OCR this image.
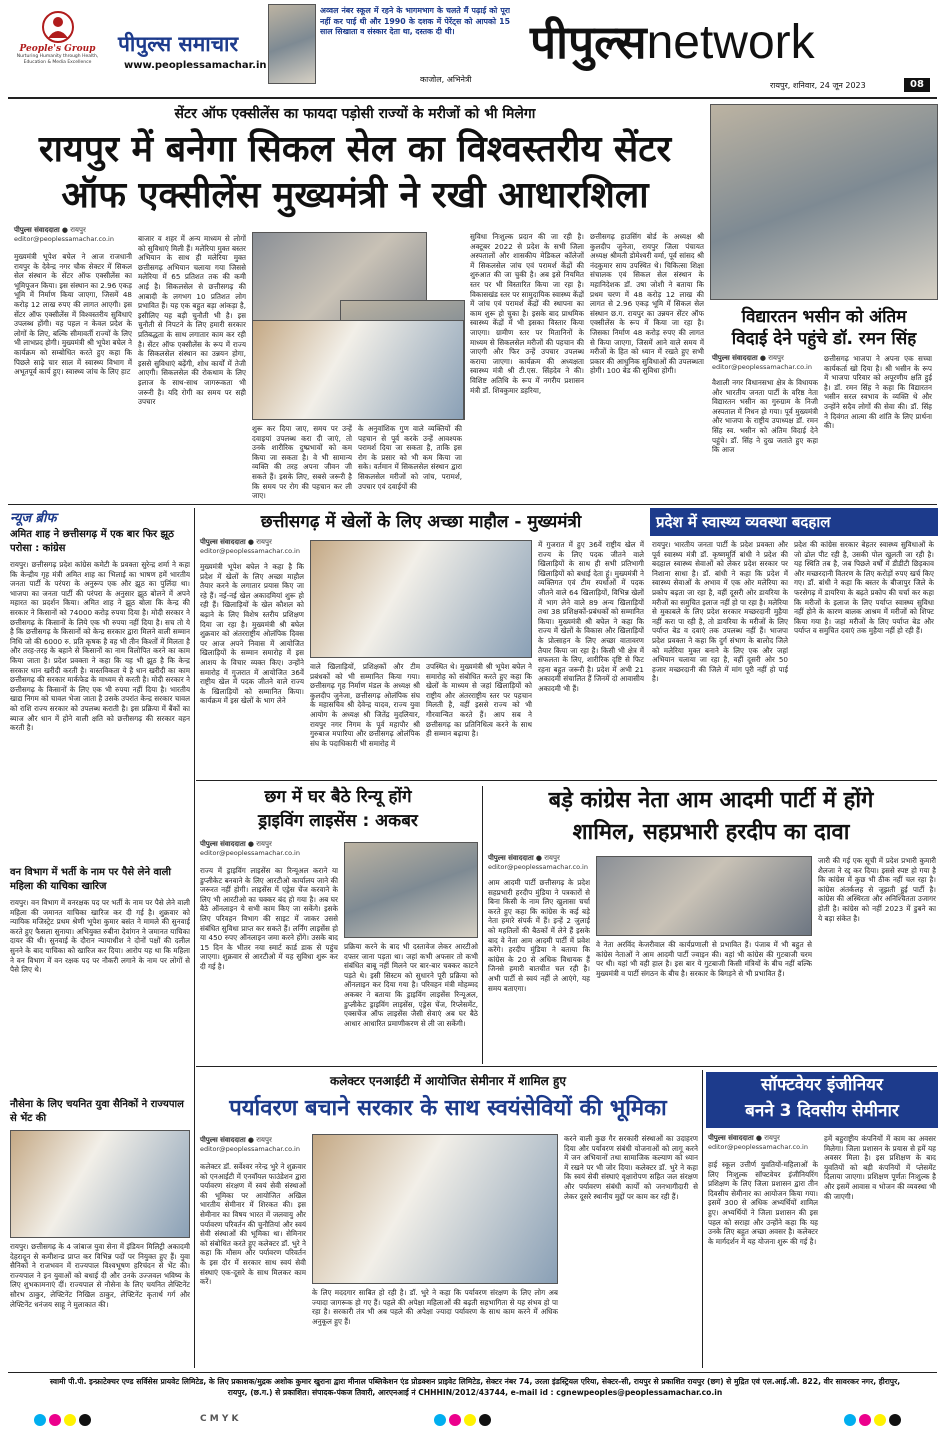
People's Group
Nurturing Humanity through Health, Education & Media Excellence
पीपुल्स समाचार
www.peoplessamachar.in
अव्वल नंबर स्कूल में रहने के भागमभाग के चलते मैं पढ़ाई को पूरा नहीं कर पाई थी और 1990 के दशक में पेरेंट्स को आपको 15 साल सिखाता व संस्कार देता था, दस्तक दी थी।
काजोल, अभिनेत्री
पीपुल्सnetwork
रायपुर, शनिवार, 24 जून 2023	08
सेंटर ऑफ एक्सीलेंस का फायदा पड़ोसी राज्यों के मरीजों को भी मिलेगा
रायपुर में बनेगा सिकल सेल का विश्वस्तरीय सेंटर
ऑफ एक्सीलेंस मुख्यमंत्री ने रखी आधारशिला
पीपुल्स संवाददाता ● रायपुर
editor@peoplessamachar.co.in
मुख्यमंत्री भूपेश बघेल ने आज राजधानी रायपुर के देवेन्द्र नगर चौक सेक्टर में सिकल सेल संस्थान के सेंटर ऑफ एक्सीलेंस का भूमिपूजन किया। इस संस्थान का 2.96 एकड़ भूमि में निर्माण किया जाएगा, जिसमें 48 करोड़ 12 लाख रुपए की लागत आएगी। इस सेंटर ऑफ एक्सीलेंस में विश्वस्तरीय सुविधाएं उपलब्ध होंगी। यह पहल न केवल प्रदेश के लोगों के लिए, बल्कि सीमावर्ती राज्यों के लिए भी लाभप्रद होगी। मुख्यमंत्री श्री भूपेश बघेल ने कार्यक्रम को सम्बोधित करते हुए कहा कि पिछले साढ़े चार साल में स्वास्थ्य विभाग में अभूतपूर्व कार्य हुए। स्वास्थ्य जांच के लिए हाट
बाजार व शहर में अन्य माध्यम से लोगों को सुविधाएं मिली हैं। मलेरिया मुक्त बस्तर अभियान के साथ ही मलेरिया मुक्त छत्तीसगढ़ अभियान चलाया गया जिससे मलेरिया में 65 प्रतिशत तक की कमी आई है। सिकलसेल से छत्तीसगढ़ की आबादी के लगभग 10 प्रतिशत लोग प्रभावित हैं। यह एक बहुत बड़ा आंकड़ा है, इसीलिए यह बड़ी चुनौती भी है। इस चुनौती से निपटने के लिए हमारी सरकार प्रतिबद्धता के साथ लगातार काम कर रही है। सेंटर ऑफ एक्सीलेंस के रूप में राज्य के सिकलसेल संस्थान का उन्नयन होगा, इससे सुविधाएं बढ़ेंगी, शोध कार्यों में तेजी आएगी। सिकलसेल की रोकथाम के लिए इलाज के साथ-साथ जागरूकता भी जरूरी है। यदि रोगी का समय पर सही उपचार
शुरू कर दिया जाए, समय पर उन्हें दवाइयां उपलब्ध करा दी जाएं, तो उनके शारीरिक दुष्प्रभावों को कम किया जा सकता है। वे भी सामान्य व्यक्ति की तरह अपना जीवन जी सकते हैं। इसके लिए, सबसे जरूरी है कि समय पर रोग की पहचान कर ली जाए।
के अनुवांशिक गुण वाले व्यक्तियों की पहचान से पूर्व करके उन्हें आवश्यक परामर्श दिया जा सकता है, ताकि इस रोग के प्रसार को भी कम किया जा सके। वर्तमान में सिकलसेल संस्थान द्वारा सिकलसेल मरीजों को जांच, परामर्श, उपचार एवं दवाईयों की
सुविधा निःशुल्क प्रदान की जा रही है। अक्टूबर 2022 से प्रदेश के सभी जिला अस्पतालों और शासकीय मेडिकल कॉलेजों में सिकलसेल जांच एवं परामर्श केंद्रों की शुरुआत की जा चुकी है। अब इसे नियमित स्तर पर भी विस्तारित किया जा रहा है। विकासखंड स्तर पर सामुदायिक स्वास्थ्य केंद्रों में जांच एवं परामर्श केंद्रों की स्थापना का काम शुरू हो चुका है। इसके बाद प्राथमिक स्वास्थ्य केंद्रों में भी इसका विस्तार किया जाएगा। ग्रामीण स्तर पर मितानिनों के माध्यम से सिकलसेल मरीजों की पहचान की जाएगी और फिर उन्हें उपचार उपलब्ध कराया जाएगा। कार्यक्रम की अध्यक्षता स्वास्थ्य मंत्री श्री टी.एस. सिंहदेव ने की। विशिष्ट अतिथि के रूप में नगरीय प्रशासन मंत्री डॉ. शिवकुमार डहरिया,
छत्तीसगढ़ हाउसिंग बोर्ड के अध्यक्ष श्री कुलदीप जुनेजा, रायपुर जिला पंचायत अध्यक्ष श्रीमती डोमेश्वरी वर्मा, पूर्व सांसद श्री नंदकुमार साय उपस्थित थे। चिकित्सा शिक्षा संचालक एवं सिकल सेल संस्थान के महानिदेशक डॉ. उषा जोशी ने बताया कि प्रथम चरण में 48 करोड़ 12 लाख की लागत से 2.96 एकड़ भूमि में सिकल सेल संस्थान छ.ग. रायपुर का उन्नयन सेंटर ऑफ एक्सीलेंस के रूप में किया जा रहा है। जिसका निर्माण 48 करोड़ रुपए की लागत से किया जाएगा, जिसमें आने वाले समय में मरीजों के हित को ध्यान में रखते हुए सभी प्रकार की आधुनिक सुविधाओं की उपलब्धता होगी। 100 बेड की सुविधा होगी।
विद्यारतन भसीन को अंतिम
विदाई देने पहुंचे डॉ. रमन सिंह
पीपुल्स संवाददाता ● रायपुर
editor@peoplessamachar.co.in
वैशाली नगर विधानसभा क्षेत्र के विधायक और भारतीय जनता पार्टी के वरिष्ठ नेता विद्यारतन भसीन का गुरुग्राम के निजी अस्पताल में निधन हो गया। पूर्व मुख्यमंत्री और भाजपा के राष्ट्रीय उपाध्यक्ष डॉ. रमन सिंह स्व. भसीन को अंतिम विदाई देने पहुंचे। डॉ. सिंह ने दुख जताते हुए कहा कि आज
छत्तीसगढ़ भाजपा ने अपना एक सच्चा कार्यकर्ता खो दिया है। श्री भसीन के रूप में भाजपा परिवार को अपूरणीय क्षति हुई है। डॉ. रमन सिंह ने कहा कि विद्यारतन भसीन सरल स्वभाव के व्यक्ति थे और उन्होंने सदैव लोगों की सेवा की। डॉ. सिंह ने दिवंगत आत्मा की शांति के लिए प्रार्थना की।
न्यूज ब्रीफ
अमित शाह ने छत्तीसगढ़ में एक बार फिर झूठ परोसा : कांग्रेस
रायपुर। छत्तीसगढ़ प्रदेश कांग्रेस कमेटी के प्रवक्ता सुरेन्द्र शर्मा ने कहा कि केन्द्रीय गृह मंत्री अमित शाह का भिलाई का भाषण हमें भारतीय जनता पार्टी के परंपरा के अनुरूप एक और झूठ का पुलिंदा था। भाजपा का जनता पार्टी की परंपरा के अनुसार झूठ बोलने में अपने महारत का प्रदर्शन किया। अमित शाह ने झूठ बोला कि केन्द्र की सरकार ने किसानों को 74000 करोड़ रुपया दिया है। मोदी सरकार ने छत्तीसगढ़ के किसानों के लिये एक भी रुपया नहीं दिया है। सच तो ये है कि छत्तीसगढ़ के किसानों को केन्द्र सरकार द्वारा मिलने वाली सम्मान निधि जो की 6000 रु. प्रति कृषक है वह भी तीन किश्तों में मिलता है और तरह-तरह के बहाने से किसानों का नाम विलोपित करने का काम किया जाता है। प्रदेश प्रवक्ता ने कहा कि यह भी झूठ है कि केन्द्र सरकार धान खरीदी करती है। वास्तविकता ये है धान खरीदी का काम छत्तीसगढ़ की सरकार मार्कफेड के माध्यम से करती है। मोदी सरकार ने छत्तीसगढ़ के किसानों के लिए एक भी रुपया नहीं दिया है। भारतीय खाद्य निगम को चावल भेजा जाता है उसके उपरांत केन्द्र सरकार चावल को राशि राज्य सरकार को उपलब्ध कराती है। इस प्रक्रिया में बैंकों का ब्याज और धान में होने वाली क्षति को छत्तीसगढ़ की सरकार वहन करती है।
वन विभाग में भर्ती के नाम पर पैसे लेने वाली महिला की याचिका खारिज
रायपुर। वन विभाग में वनरक्षक पद पर भर्ती के नाम पर पैसे लेने वाली महिला की जमानत याचिका खारिज कर दी गई है। शुक्रवार को न्यायिक मजिस्ट्रेट प्रथम श्रेणी भूपेश कुमार बसंत ने मामले की सुनवाई करते हुए फैसला सुनाया। अभियुक्त रुबीना देवांगन ने जमानत याचिका दायर की थी। सुनवाई के दौरान न्यायाधीश ने दोनों पक्षों की दलील सुनने के बाद याचिका को खारिज कर दिया। आरोप यह था कि महिला ने वन विभाग में वन रक्षक पद पर नौकरी लगाने के नाम पर लोगों से पैसे लिए थे।
नौसेना के लिए चयनित युवा सैनिकों ने राज्यपाल से भेंट की
रायपुर। छत्तीसगढ़ के 4 जांबाज युवा सेना में इंडियन मिलिट्री अकादमी देहरादून से कमीशन्ड प्राप्त कर विभिन्न पदों पर नियुक्त हुए हैं। युवा सैनिकों ने राजभवन में राज्यपाल विश्वभूषण हरिचंदन से भेंट की। राज्यपाल ने इन युवाओं को बधाई दी और उनके उज्जवल भविष्य के लिए शुभकामनाएं दीं। राज्यपाल से नौसेना के लिए चयनित लेफ्टिनेंट सौरभ ठाकुर, लेफ्टिनेंट निखिल ठाकुर, लेफ्टिनेंट कृतार्थ गर्ग और लेफ्टिनेंट धनंजय साहू ने मुलाकात की।
छत्तीसगढ़ में खेलों के लिए अच्छा माहौल - मुख्यमंत्री
पीपुल्स संवाददाता ● रायपुर
editor@peoplessamachar.co.in
मुख्यमंत्री भूपेश बघेल ने कहा है कि प्रदेश में खेलों के लिए अच्छा माहौल तैयार करने के लगातार प्रयास किए जा रहे हैं। नई-नई खेल अकादमियां शुरू हो रही हैं। खिलाड़ियों के खेल कौशल को बढ़ाने के लिए विशेष स्तरीय प्रशिक्षण दिया जा रहा है। मुख्यमंत्री श्री बघेल शुक्रवार को अंतरराष्ट्रीय ओलंपिक दिवस पर आज अपने निवास में आयोजित खिलाड़ियों के सम्मान समारोह में इस आशय के विचार व्यक्त किए। उन्होंने समारोह में गुजरात में आयोजित 36वें राष्ट्रीय खेल में पदक जीतने वाले राज्य के खिलाड़ियों को सम्मानित किया। कार्यक्रम में इस खेलों के भाग लेने
वाले खिलाड़ियों, प्रशिक्षकों और टीम प्रबंधकों को भी सम्मानित किया गया। छत्तीसगढ़ गृह निर्माण मंडल के अध्यक्ष श्री कुलदीप जुनेजा, छत्तीसगढ़ ओलंपिक संघ के महासचिव श्री देवेन्द्र यादव, राज्य युवा आयोग के अध्यक्ष श्री जितेंद्र मुदलियार, रायपुर नगर निगम के पूर्व महापौर श्री गुरुबाज मपारिया और छत्तीसगढ़ ओलंपिक संघ के पदाधिकारी भी समारोह में
उपस्थित थे। मुख्यमंत्री श्री भूपेश बघेल ने समारोह को संबोधित करते हुए कहा कि खेलों के माध्यम से जहां खिलाड़ियों को राष्ट्रीय और अंतरराष्ट्रीय स्तर पर पहचान मिलती है, वहीं इससे राज्य को भी गौरवान्वित करते हैं। आप सब ने छत्तीसगढ़ का प्रतिनिधित्व करने के साथ ही सम्मान बढ़ाया है।
में गुजरात में हुए 36वें राष्ट्रीय खेल में राज्य के लिए पदक जीतने वाले खिलाड़ियों के साथ ही सभी प्रतिभागी खिलाड़ियों को बधाई देता हूं। मुख्यमंत्री ने व्यक्तिगत एवं टीम स्पर्धाओं में पदक जीतने वाले 64 खिलाड़ियों, विभिन्न खेलों में भाग लेने वाले 89 अन्य खिलाड़ियों तथा 38 प्रशिक्षकों-प्रबंधकों को सम्मानित किया। मुख्यमंत्री श्री बघेल ने कहा कि राज्य में खेलों के विकास और खिलाड़ियों के प्रोत्साहन के लिए अच्छा वातावरण तैयार किया जा रहा है। किसी भी क्षेत्र में सफलता के लिए, शारीरिक दृष्टि से फिट रहना बहुत जरूरी है। प्रदेश में अभी 21 अकादमी संचालित हैं जिनमें दो आवासीय अकादमी भी हैं।
प्रदेश में स्वास्थ्य व्यवस्था बदहाल
रायपुर। भारतीय जनता पार्टी के प्रदेश प्रवक्ता और पूर्व स्वास्थ्य मंत्री डॉ. कृष्णमूर्ति बांधी ने प्रदेश की बदहाल स्वास्थ्य सेवाओं को लेकर प्रदेश सरकार पर निशाना साधा है। डॉ. बांधी ने कहा कि प्रदेश में स्वास्थ्य सेवाओं के अभाव में एक ओर मलेरिया का प्रकोप बढ़ता जा रहा है, वहीं दूसरी ओर डायरिया के मरीजों का समुचित इलाज नहीं हो पा रहा है। मलेरिया से मुकाबले के लिए प्रदेश सरकार मच्छरदानी मुहैया नहीं करा पा रही है, तो डायरिया के मरीजों के लिए पर्याप्त बेड व दवाएं तक उपलब्ध नहीं हैं। भाजपा प्रदेश प्रवक्ता ने कहा कि दुर्ग संभाग के बालोद जिले को मलेरिया मुक्त बनाने के लिए एक और जहां अभियान चलाया जा रहा है, वहीं दूसरी ओर 50 हजार मच्छरदानी की जिले में मांग पूरी नहीं हो पाई है।
प्रदेश की कांग्रेस सरकार बेहतर स्वास्थ्य सुविधाओं के जो ढोल पीट रही है, उसकी पोल खुलती जा रही है। यह स्थिति तब है, जब पिछले वर्षों में डीडीटी छिड़काव और मच्छरदानी वितरण के लिए करोड़ों रुपए खर्च किए गए। डॉ. बांधी ने कहा कि बस्तर के बीजापुर जिले के फरसेगढ़ में डायरिया के बढ़ते प्रकोप की चर्चा कर कहा कि मरीजों के इलाज के लिए पर्याप्त स्वास्थ्य सुविधा नहीं होने के कारण बालक आश्रम में मरीजों को शिफ्ट किया गया है। जहां मरीजों के लिए पर्याप्त बेड और पर्याप्त व समुचित दवाएं तक मुहैया नहीं हो रही हैं।
छग में घर बैठे रिन्यू होंगे
ड्राइविंग लाइसेंस : अकबर
पीपुल्स संवाददाता ● रायपुर
editor@peoplessamachar.co.in
राज्य में ड्राइविंग लाइसेंस का रिन्यूअल कराने या डुप्लीकेट बनवाने के लिए आरटीओ कार्यालय जाने की जरूरत नहीं होगी। लाइसेंस में एड्रेस चेंज करवाने के लिए भी आरटीओ का चक्कर बंद हो गया है। अब घर बैठे ऑनलाइन ये सभी काम किए जा सकेंगे। इसके लिए परिवहन विभाग की साइट में जाकर उससे संबंधित सुविधा प्राप्त कर सकते हैं। लर्निंग लाइसेंस हो या 450 रुपए ऑनलाइन जमा करने होंगे। उसके बाद 15 दिन के भीतर नया स्मार्ट कार्ड डाक से पहुंच जाएगा। शुक्रवार से आरटीओ में यह सुविधा शुरू कर दी गई है।
प्रक्रिया करने के बाद भी दस्तावेज लेकर आरटीओ दफ्तर जाना पड़ता था। जहां कभी अफसर तो कभी संबंधित बाबू नहीं मिलने पर बार-बार चक्कर काटने पड़ते थे। इसी सिस्टम को सुधारने पूरी प्रक्रिया को ऑनलाइन कर दिया गया है। परिवहन मंत्री मोहम्मद अकबर ने बताया कि ड्राइविंग लाइसेंस रिन्यूअल, डुप्लीकेट ड्राइविंग लाइसेंस, एड्रेस चेंज, रिप्लेसमेंट, एक्सचेंज ऑफ लाइसेंस जैसी सेवाएं अब घर बैठे आधार आधारित प्रमाणीकरण से ली जा सकेंगी।
बड़े कांग्रेस नेता आम आदमी पार्टी में होंगे
शामिल, सहप्रभारी हरदीप का दावा
पीपुल्स संवाददाता ● रायपुर
editor@peoplessamachar.co.in
आम आदमी पार्टी छत्तीसगढ़ के प्रदेश सहप्रभारी हरदीप मुंडिया ने पत्रकारों से बिना किसी के नाम लिए खुलासा चर्चा करते हुए कहा कि कांग्रेस के कई बड़े नेता हमारे संपर्क में हैं। इन्हें 2 जुलाई को महतिलों की बैठकों में लेने हैं इसके बाद वे नेता आम आदमी पार्टी में प्रवेश करेंगे। हरदीप मुंडिया ने बताया कि कांग्रेस के 20 से अधिक विधायक हैं जिनसे हमारी बातचीत चल रही है। अभी पार्टी से स्वयं नहीं ले आएंगे, यह समय बताएगा।
वे नेता अरविंद केजरीवाल की कार्यप्रणाली से प्रभावित हैं। पंजाब में भी बहुत से कांग्रेस नेताओं ने आम आदमी पार्टी ज्वाइन की। वहां भी कांग्रेस की गुटबाजी चरम पर थी। यहां भी वही हाल है। इस बार ये गुटबाजी किसी मंत्रियों के बीच नहीं बल्कि मुख्यमंत्री व पार्टी संगठन के बीच है। सरकार के बिगड़ने से भी प्रभावित हैं।
जारी की गई एक सूची में प्रदेश प्रभारी कुमारी शैलजा ने रद्द कर दिया। इससे स्पष्ट हो गया है कि कांग्रेस में कुछ भी ठीक नहीं चल रहा है। कांग्रेस अंतर्कलह से जूझती हुई पार्टी है। कांग्रेस की अस्थिरता और अनिश्चितता उजागर होती है। कांग्रेस को नहीं 2023 में डुबने का ये बड़ा संकेत है।
कलेक्टर एनआईटी में आयोजित सेमीनार में शामिल हुए
पर्यावरण बचाने सरकार के साथ स्वयंसेवियों की भूमिका
पीपुल्स संवाददाता ● रायपुर
editor@peoplessamachar.co.in
कलेक्टर डॉ. सर्वेश्वर नरेन्द्र भुरे ने शुक्रवार को एनआईटी में एनवॉयल फाउंडेशन द्वारा पर्यावरण संरक्षण में स्वयं सेवी संस्थाओं की भूमिका पर आयोजित अखिल भारतीय सेमीनार में शिरकत की। इस सेमीनार का विषय भारत में जलवायु और पर्यावरण परिवर्तन की चुनौतियां और स्वयं सेवी संस्थाओं की भूमिका था। सेमिनार को संबोधित करते हुए कलेक्टर डॉ. भुरे ने कहा कि मौसम और पर्यावरण परिवर्तन के इस दौर में सरकार साथ स्वयं सेवी संस्थाएं एक-दूसरे के साथ मिलकर काम करें।
के लिए मददगार साबित हो रही है। डॉ. भुरे ने कहा कि पर्यावरण संरक्षण के लिए लोग अब ज्यादा जागरूक हो गए हैं। पहले की अपेक्षा महिलाओं की बढ़ती सहभागिता से यह संभव हो पा रहा है। सरकारी तंत्र भी अब पहले की अपेक्षा ज्यादा पर्यावरण के साथ काम करने में अधिक अनुकूल हुए हैं।
करने वाली कुछ गैर सरकारी संस्थाओं का उदाहरण दिया और पर्यावरण संबंधी योजनाओं को लागू करने में जन अभियानों तथा सामाजिक कल्याण को ध्यान में रखने पर भी जोर दिया। कलेक्टर डॉ. भुरे ने कहा कि स्वयं सेवी संस्थाएं वृक्षारोपण सहित जल संरक्षण और पर्यावरण संबंधी कार्यों को जनभागीदारी से लेकर दूसरे स्थानीय मुद्दों पर काम कर रही हैं।
सॉफ्टवेयर इंजीनियर
बनने 3 दिवसीय सेमीनार
पीपुल्स संवाददाता ● रायपुर
editor@peoplessamachar.co.in
हाई स्कूल उत्तीर्ण युवतियों-महिलाओं के लिए निःशुल्क सॉफ्टवेयर इंजीनियरिंग प्रशिक्षण के लिए जिला प्रशासन द्वारा तीन दिवसीय सेमीनार का आयोजन किया गया। इसमें 300 से अधिक अभ्यर्थियों शामिल हुए। अभ्यर्थियों ने जिला प्रशासन की इस पहल को सराहा और उन्होंने कहा कि यह उनके लिए बहुत अच्छा अवसर है। कलेक्टर के मार्गदर्शन में यह योजना शुरू की गई है।
हमें बहुराष्ट्रीय कंपनियों में काम का अवसर मिलेगा। जिला प्रशासन के प्रयास से हमें यह अवसर मिला है। इस प्रशिक्षण के बाद युवतियों को बड़ी कंपनियों में प्लेसमेंट दिलाया जाएगा। प्रशिक्षण पूर्णतः निःशुल्क है और इसमें आवास व भोजन की व्यवस्था भी की जाएगी।
स्वामी पी.पी. इन्फ्राटेक्चर एण्ड सर्विसेस प्रायवेट लिमिटेड, के लिए प्रकाशक/मुद्रक अशोक कुमार खुराना द्वारा मीनाल पब्लिकेशन एंड प्रोडक्शन प्राइवेट लिमिटेड, सेक्टर नंबर 74, उरला इंडस्ट्रियल एरिया, सेक्टर-सी, रायपुर से प्रकाशित रायपुर (छग) से मुद्रित एवं एल.आई.जी. 822, वीर सावरकर नगर, हीरापुर, रायपुर, (छ.ग.) से प्रकाशित। संपादक-पंकज तिवारी, आरएनआई नं CHHHIN/2012/43744, e-mail id : cgnewpeoples@peoplessamachar.co.in
C M Y K
